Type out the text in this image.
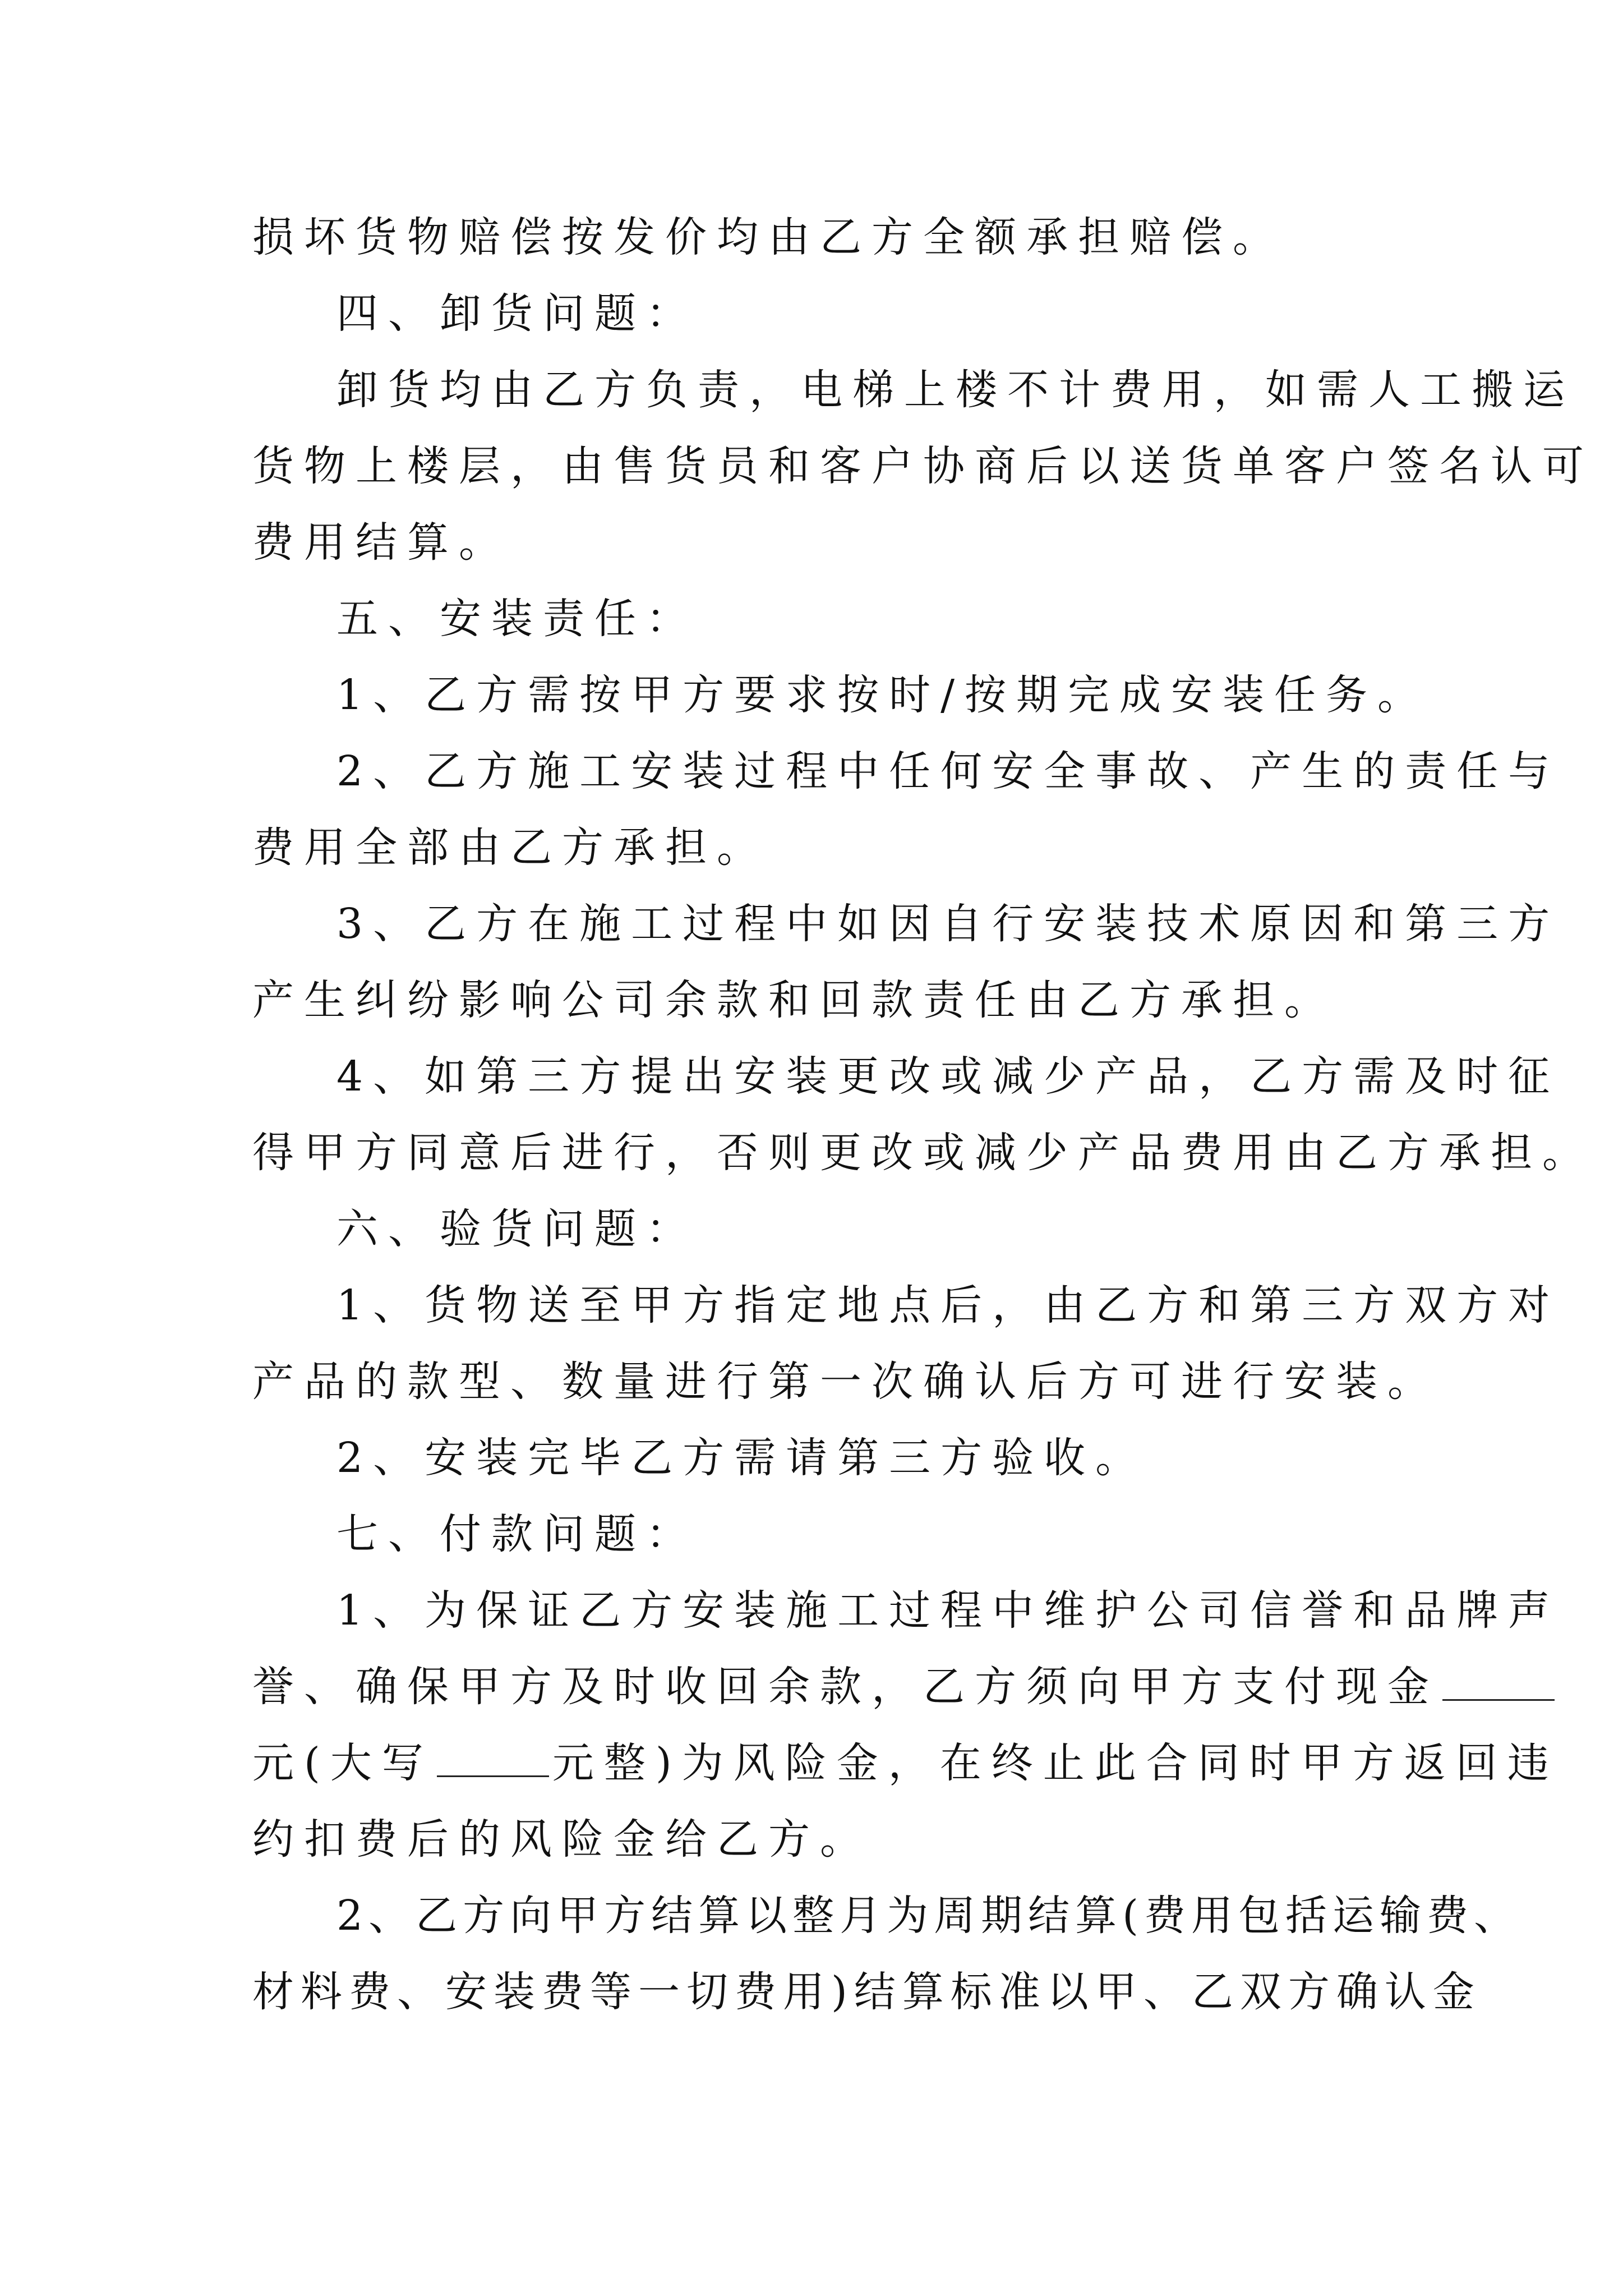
损坏货物赔偿按发价均由乙方全额承担赔偿。
四、卸货问题：
卸货均由乙方负责，电梯上楼不计费用，如需人工搬运
货物上楼层，由售货员和客户协商后以送货单客户签名认可
费用结算。
五、安装责任：
1、乙方需按甲方要求按时/按期完成安装任务。
2、乙方施工安装过程中任何安全事故、产生的责任与
费用全部由乙方承担。
3、乙方在施工过程中如因自行安装技术原因和第三方
产生纠纷影响公司余款和回款责任由乙方承担。
4、如第三方提出安装更改或减少产品，乙方需及时征
得甲方同意后进行，否则更改或减少产品费用由乙方承担。
六、验货问题：
1、货物送至甲方指定地点后，由乙方和第三方双方对
产品的款型、数量进行第一次确认后方可进行安装。
2、安装完毕乙方需请第三方验收。
七、付款问题：
1、为保证乙方安装施工过程中维护公司信誉和品牌声
誉、确保甲方及时收回余款，乙方须向甲方支付现金
元(大写	元整)为风险金，在终止此合同时甲方返回违
约扣费后的风险金给乙方。
2、乙方向甲方结算以整月为周期结算(费用包括运输费、
材料费、安装费等一切费用)结算标准以甲、乙双方确认金
